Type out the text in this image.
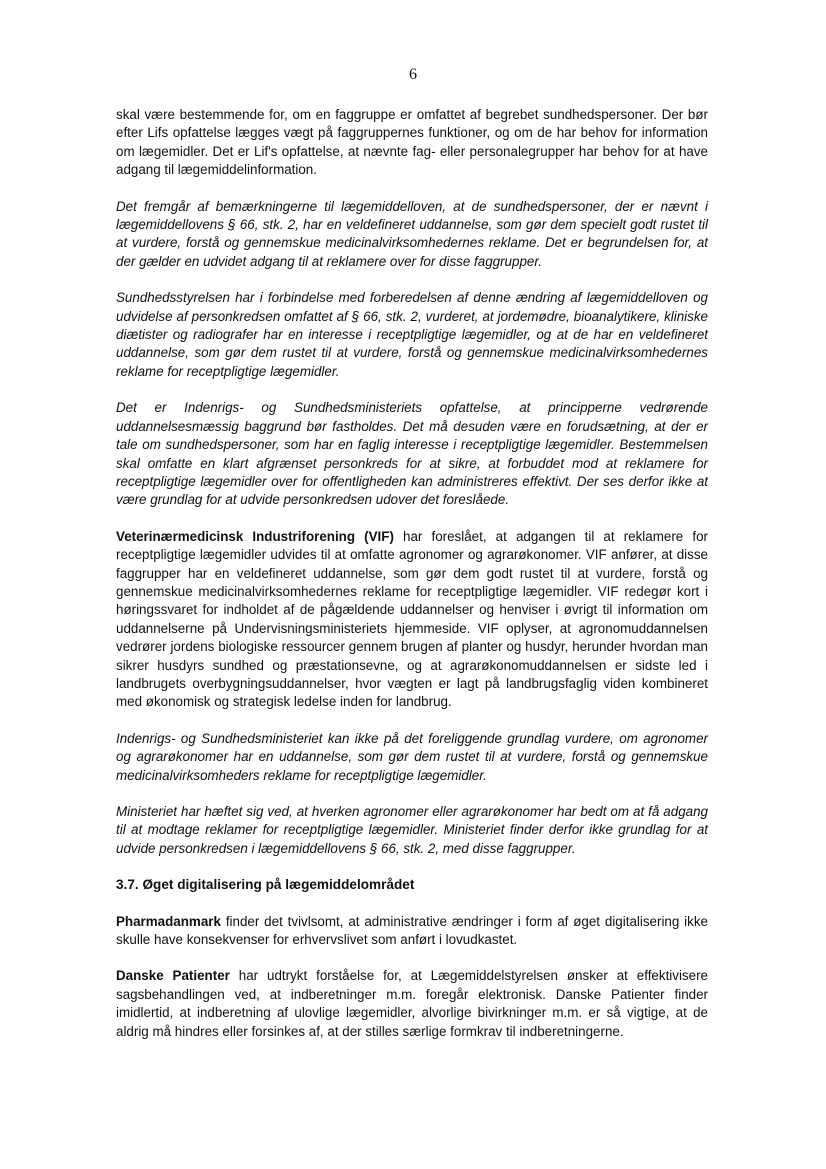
6

skal være bestemmende for, om en faggruppe er omfattet af begrebet sundhedspersoner. Der bør efter Lifs opfattelse lægges vægt på faggruppernes funktioner, og om de har behov for information om lægemidler. Det er Lif's opfattelse, at nævnte fag- eller personalegrupper har behov for at have adgang til lægemiddelinformation.

Det fremgår af bemærkningerne til lægemiddelloven, at de sundhedspersoner, der er nævnt i lægemiddellovens § 66, stk. 2, har en veldefineret uddannelse, som gør dem specielt godt rustet til at vurdere, forstå og gennemskue medicinalvirksomhedernes reklame. Det er begrundelsen for, at der gælder en udvidet adgang til at reklamere over for disse faggrupper.

Sundhedsstyrelsen har i forbindelse med forberedelsen af denne ændring af lægemiddelloven og udvidelse af personkredsen omfattet af § 66, stk. 2, vurderet, at jordemødre, bioanalytikere, kliniske diætister og radiografer har en interesse i receptpligtige lægemidler, og at de har en veldefineret uddannelse, som gør dem rustet til at vurdere, forstå og gennemskue medicinalvirksomhedernes reklame for receptpligtige lægemidler.

Det er Indenrigs- og Sundhedsministeriets opfattelse, at principperne vedrørende uddannelsesmæssig baggrund bør fastholdes. Det må desuden være en forudsætning, at der er tale om sundhedspersoner, som har en faglig interesse i receptpligtige lægemidler. Bestemmelsen skal omfatte en klart afgrænset personkreds for at sikre, at forbuddet mod at reklamere for receptpligtige lægemidler over for offentligheden kan administreres effektivt. Der ses derfor ikke at være grundlag for at udvide personkredsen udover det foreslåede.

Veterinærmedicinsk Industriforening (VIF) har foreslået, at adgangen til at reklamere for receptpligtige lægemidler udvides til at omfatte agronomer og agrarøkonomer. VIF anfører, at disse faggrupper har en veldefineret uddannelse, som gør dem godt rustet til at vurdere, forstå og gennemskue medicinalvirksomhedernes reklame for receptpligtige lægemidler. VIF redegør kort i høringssvaret for indholdet af de pågældende uddannelser og henviser i øvrigt til information om uddannelserne på Undervisningsministeriets hjemmeside. VIF oplyser, at agronomuddannelsen vedrører jordens biologiske ressourcer gennem brugen af planter og husdyr, herunder hvordan man sikrer husdyrs sundhed og præstationsevne, og at agrarøkonomuddannelsen er sidste led i landbrugets overbygningsuddannelser, hvor vægten er lagt på landbrugsfaglig viden kombineret med økonomisk og strategisk ledelse inden for landbrug.

Indenrigs- og Sundhedsministeriet kan ikke på det foreliggende grundlag vurdere, om agronomer og agrarøkonomer har en uddannelse, som gør dem rustet til at vurdere, forstå og gennemskue medicinalvirksomheders reklame for receptpligtige lægemidler.

Ministeriet har hæftet sig ved, at hverken agronomer eller agrarøkonomer har bedt om at få adgang til at modtage reklamer for receptpligtige lægemidler. Ministeriet finder derfor ikke grundlag for at udvide personkredsen i lægemiddellovens § 66, stk. 2, med disse faggrupper.

3.7. Øget digitalisering på lægemiddelområdet

Pharmadanmark finder det tvivlsomt, at administrative ændringer i form af øget digitalisering ikke skulle have konsekvenser for erhvervslivet som anført i lovudkastet.

Danske Patienter har udtrykt forståelse for, at Lægemiddelstyrelsen ønsker at effektivisere sagsbehandlingen ved, at indberetninger m.m. foregår elektronisk. Danske Patienter finder imidlertid, at indberetning af ulovlige lægemidler, alvorlige bivirkninger m.m. er så vigtige, at de aldrig må hindres eller forsinkes af, at der stilles særlige formkrav til indberetningerne.
